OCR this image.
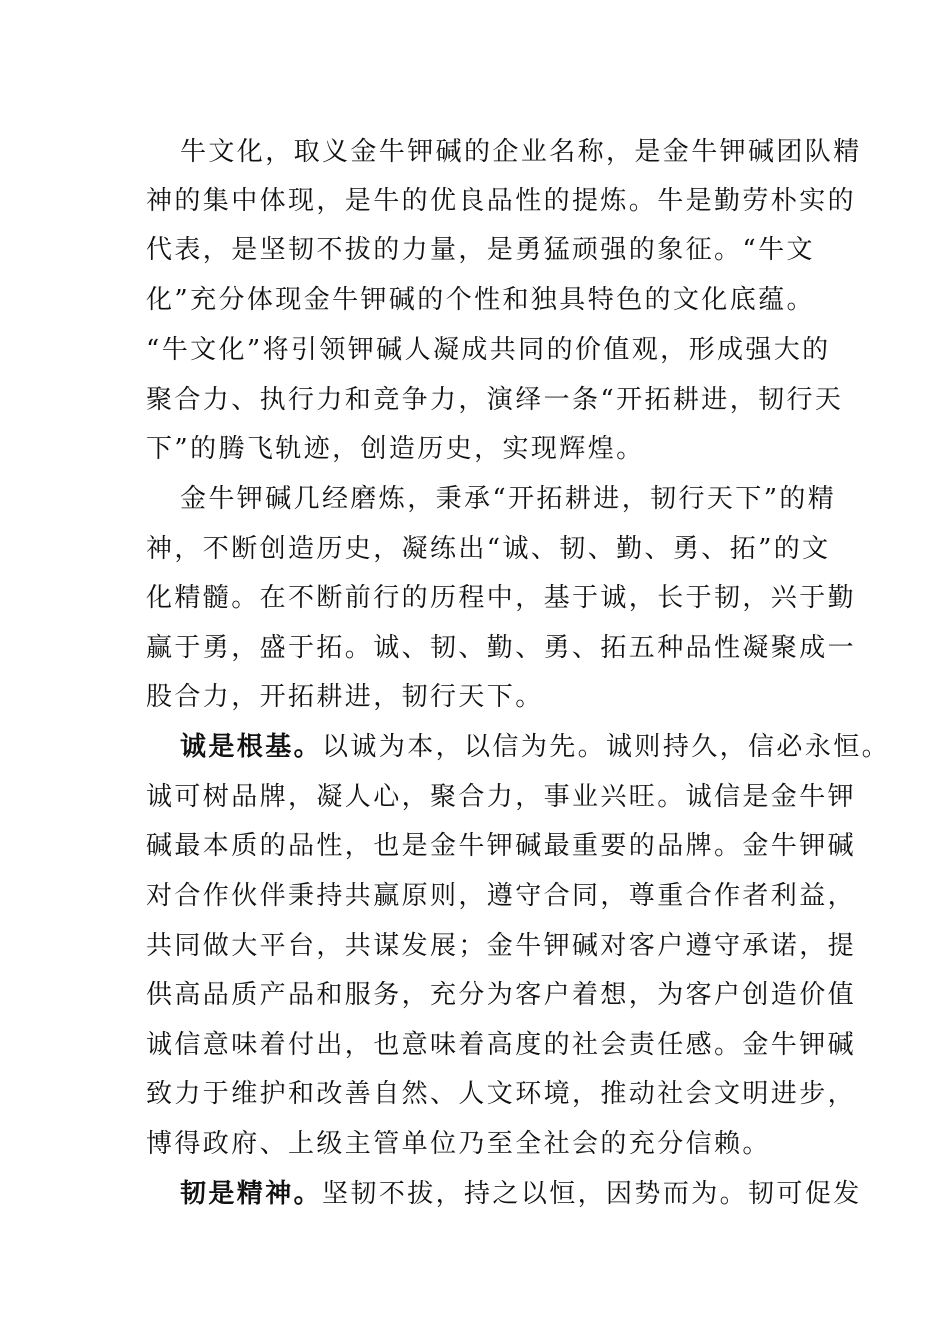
牛文化，取义金牛钾碱的企业名称，是金牛钾碱团队精
神的集中体现，是牛的优良品性的提炼。牛是勤劳朴实的
代表，是坚韧不拔的力量，是勇猛顽强的象征。“牛文
化”充分体现金牛钾碱的个性和独具特色的文化底蕴。
“牛文化”将引领钾碱人凝成共同的价值观，形成强大的
聚合力、执行力和竞争力，演绎一条“开拓耕进，韧行天
下”的腾飞轨迹，创造历史，实现辉煌。
金牛钾碱几经磨炼，秉承“开拓耕进，韧行天下”的精
神，不断创造历史，凝练出“诚、韧、勤、勇、拓”的文
化精髓。在不断前行的历程中，基于诚，长于韧，兴于勤
赢于勇，盛于拓。诚、韧、勤、勇、拓五种品性凝聚成一
股合力，开拓耕进，韧行天下。
诚是根基。以诚为本，以信为先。诚则持久，信必永恒。
诚可树品牌，凝人心，聚合力，事业兴旺。诚信是金牛钾
碱最本质的品性，也是金牛钾碱最重要的品牌。金牛钾碱
对合作伙伴秉持共赢原则，遵守合同，尊重合作者利益，
共同做大平台，共谋发展；金牛钾碱对客户遵守承诺，提
供高品质产品和服务，充分为客户着想，为客户创造价值
诚信意味着付出，也意味着高度的社会责任感。金牛钾碱
致力于维护和改善自然、人文环境，推动社会文明进步，
博得政府、上级主管单位乃至全社会的充分信赖。
韧是精神。坚韧不拔，持之以恒，因势而为。韧可促发
